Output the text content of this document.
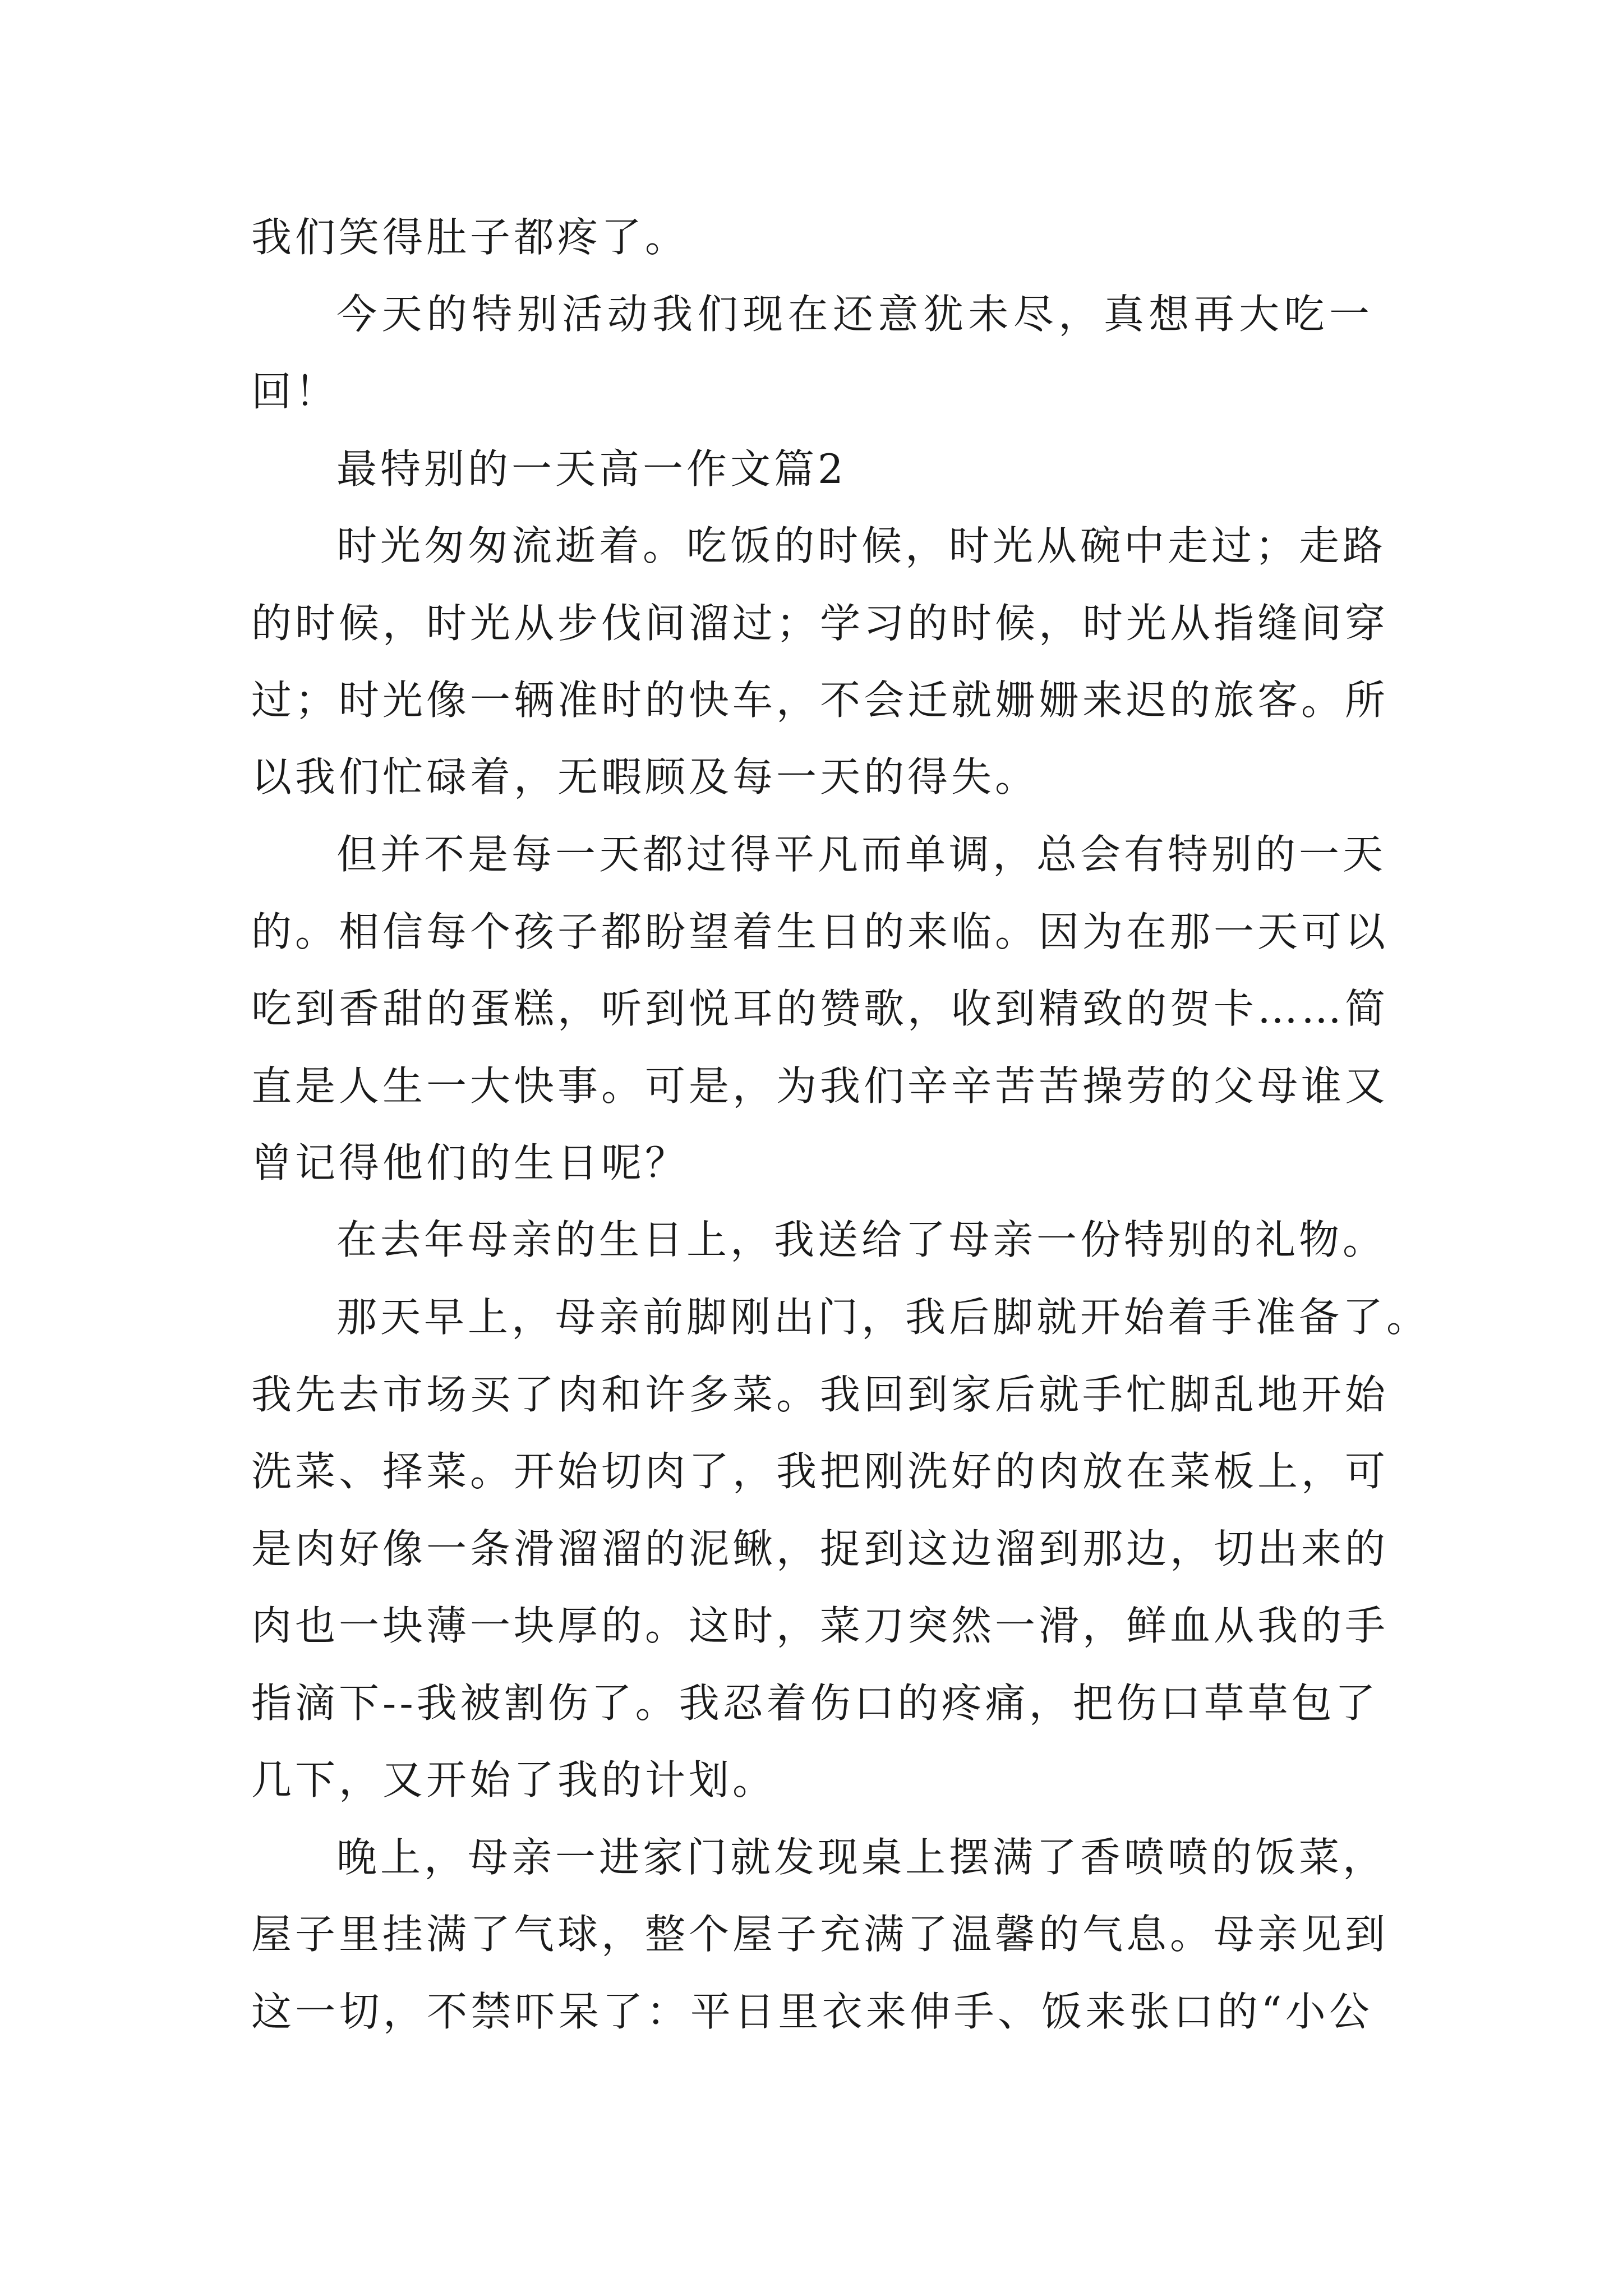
我们笑得肚子都疼了。

今天的特别活动我们现在还意犹未尽，真想再大吃一

回！

最特别的一天高一作文篇2

时光匆匆流逝着。吃饭的时候，时光从碗中走过；走路

的时候，时光从步伐间溜过；学习的时候，时光从指缝间穿

过；时光像一辆准时的快车，不会迁就姗姗来迟的旅客。所

以我们忙碌着，无暇顾及每一天的得失。

但并不是每一天都过得平凡而单调，总会有特别的一天

的。相信每个孩子都盼望着生日的来临。因为在那一天可以

吃到香甜的蛋糕，听到悦耳的赞歌，收到精致的贺卡……简

直是人生一大快事。可是，为我们辛辛苦苦操劳的父母谁又

曾记得他们的生日呢？

在去年母亲的生日上，我送给了母亲一份特别的礼物。

那天早上，母亲前脚刚出门，我后脚就开始着手准备了。

我先去市场买了肉和许多菜。我回到家后就手忙脚乱地开始

洗菜、择菜。开始切肉了，我把刚洗好的肉放在菜板上，可

是肉好像一条滑溜溜的泥鳅，捉到这边溜到那边，切出来的

肉也一块薄一块厚的。这时，菜刀突然一滑，鲜血从我的手

指滴下--我被割伤了。我忍着伤口的疼痛，把伤口草草包了

几下，又开始了我的计划。

晚上，母亲一进家门就发现桌上摆满了香喷喷的饭菜，

屋子里挂满了气球，整个屋子充满了温馨的气息。母亲见到

这一切，不禁吓呆了：平日里衣来伸手、饭来张口的“小公
